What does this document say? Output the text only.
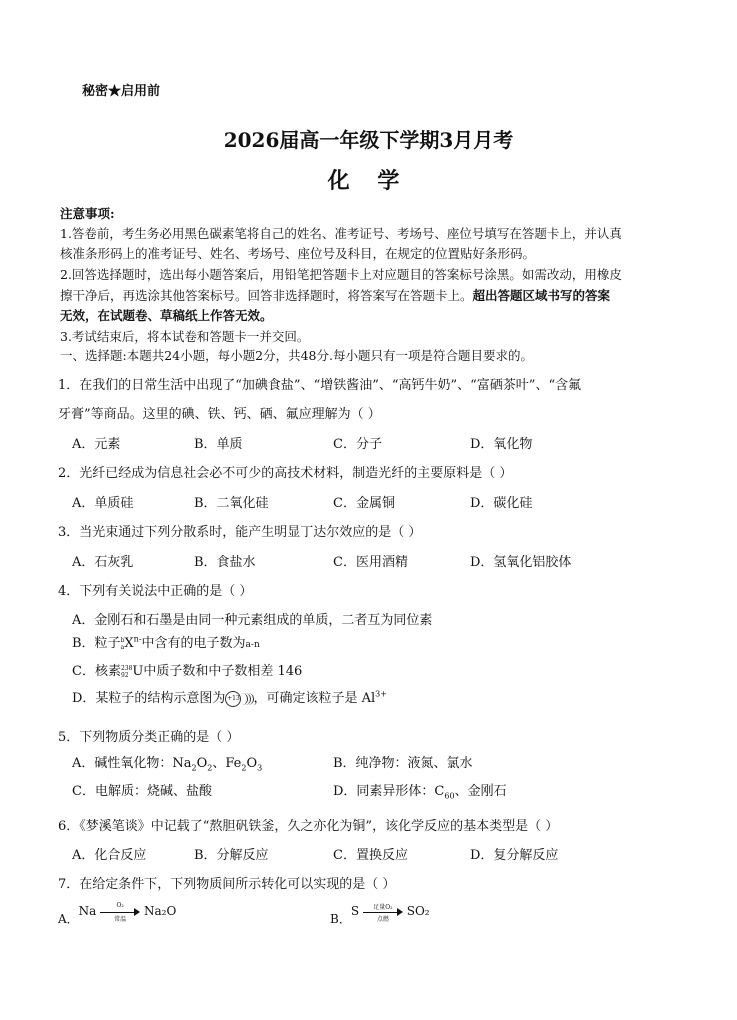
秘密★启用前
2026届高一年级下学期3月月考
化 学
注意事项:
1.答卷前，考生务必用黑色碳素笔将自己的姓名、准考证号、考场号、座位号填写在答题卡上，并认真
核准条形码上的准考证号、姓名、考场号、座位号及科目，在规定的位置贴好条形码。
2.回答选择题时，选出每小题答案后，用铅笔把答题卡上对应题目的答案标号涂黑。如需改动，用橡皮
擦干净后，再选涂其他答案标号。回答非选择题时，将答案写在答题卡上。超出答题区域书写的答案
无效，在试题卷、草稿纸上作答无效。
3.考试结束后，将本试卷和答题卡一并交回。
一、选择题:本题共24小题，每小题2分，共48分.每小题只有一项是符合题目要求的。
1．在我们的日常生活中出现了“加碘食盐”、“增铁酱油”、“高钙牛奶”、“富硒茶叶”、“含氟
牙膏”等商品。这里的碘、铁、钙、硒、氟应理解为（ ）
A．元素	B．单质	C．分子	D．氧化物
2．光纤已经成为信息社会必不可少的高技术材料，制造光纤的主要原料是（ ）
A．单质硅	B．二氧化硅	C．金属铜	D．碳化硅
3．当光束通过下列分散系时，能产生明显丁达尔效应的是（ ）
A．石灰乳	B．食盐水	C．医用酒精	D．氢氧化铝胶体
4．下列有关说法中正确的是（ ）
A．金刚石和石墨是由同一种元素组成的单质，二者互为同位素
B．粒子b
$aX^{n-}$中含有的电子数为a-n
C．核素238
92 U中质子数和中子数相差 146
D．某粒子的结构示意图为 +13 ，可确定该粒子是 $Al^{3+}$
5．下列物质分类正确的是（ ）
A．碱性氧化物：$Na_2O_2$、$Fe_2O_3$	B．纯净物：液氮、氯水
C．电解质：烧碱、盐酸	D．同素异形体：$C_{60}$、金刚石
6．《梦溪笔谈》中记载了“熬胆矾铁釜，久之亦化为铜”，该化学反应的基本类型是（ ）
A．化合反应	B．分解反应	C．置换反应	D．复分解反应
7．在给定条件下，下列物质间所示转化可以实现的是（ ）
A．Na	O₂
常温
Na₂O
B．S	足量O₂
点燃
SO₂
